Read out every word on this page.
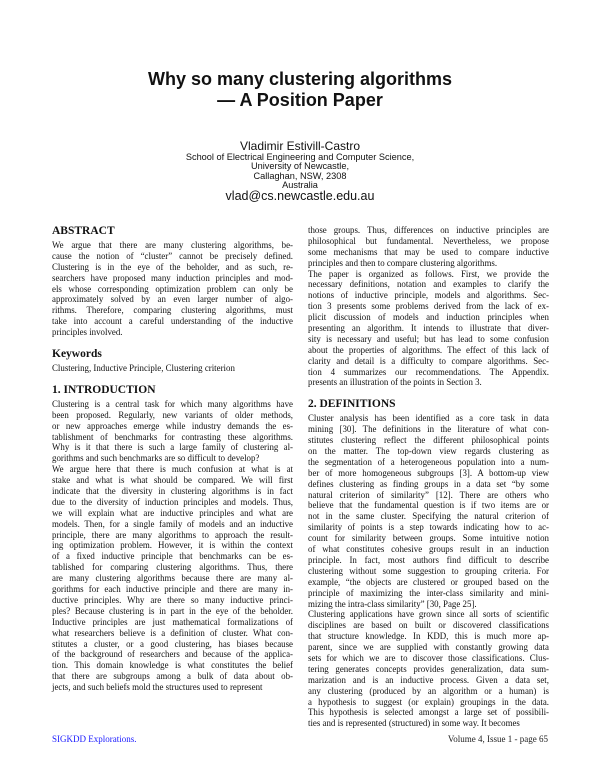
Why so many clustering algorithms
— A Position Paper
Vladimir Estivill-Castro
School of Electrical Engineering and Computer Science,
University of Newcastle,
Callaghan, NSW, 2308
Australia
vlad@cs.newcastle.edu.au
ABSTRACT
We argue that there are many clustering algorithms, be-
cause the notion of “cluster” cannot be precisely defined.
Clustering is in the eye of the beholder, and as such, re-
searchers have proposed many induction principles and mod-
els whose corresponding optimization problem can only be
approximately solved by an even larger number of algo-
rithms. Therefore, comparing clustering algorithms, must
take into account a careful understanding of the inductive
principles involved.
Keywords
Clustering, Inductive Principle, Clustering criterion
1. INTRODUCTION
Clustering is a central task for which many algorithms have
been proposed. Regularly, new variants of older methods,
or new approaches emerge while industry demands the es-
tablishment of benchmarks for contrasting these algorithms.
Why is it that there is such a large family of clustering al-
gorithms and such benchmarks are so difficult to develop?
We argue here that there is much confusion at what is at
stake and what is what should be compared. We will first
indicate that the diversity in clustering algorithms is in fact
due to the diversity of induction principles and models. Thus,
we will explain what are inductive principles and what are
models. Then, for a single family of models and an inductive
principle, there are many algorithms to approach the result-
ing optimization problem. However, it is within the context
of a fixed inductive principle that benchmarks can be es-
tablished for comparing clustering algorithms. Thus, there
are many clustering algorithms because there are many al-
gorithms for each inductive principle and there are many in-
ductive principles. Why are there so many inductive princi-
ples? Because clustering is in part in the eye of the beholder.
Inductive principles are just mathematical formalizations of
what researchers believe is a definition of cluster. What con-
stitutes a cluster, or a good clustering, has biases because
of the background of researchers and because of the applica-
tion. This domain knowledge is what constitutes the belief
that there are subgroups among a bulk of data about ob-
jects, and such beliefs mold the structures used to represent
those groups. Thus, differences on inductive principles are
philosophical but fundamental. Nevertheless, we propose
some mechanisms that may be used to compare inductive
principles and then to compare clustering algorithms.
The paper is organized as follows. First, we provide the
necessary definitions, notation and examples to clarify the
notions of inductive principle, models and algorithms. Sec-
tion 3 presents some problems derived from the lack of ex-
plicit discussion of models and induction principles when
presenting an algorithm. It intends to illustrate that diver-
sity is necessary and useful; but has lead to some confusion
about the properties of algorithms. The effect of this lack of
clarity and detail is a difficulty to compare algorithms. Sec-
tion 4 summarizes our recommendations. The Appendix.
presents an illustration of the points in Section 3.
2. DEFINITIONS
Cluster analysis has been identified as a core task in data
mining [30]. The definitions in the literature of what con-
stitutes clustering reflect the different philosophical points
on the matter. The top-down view regards clustering as
the segmentation of a heterogeneous population into a num-
ber of more homogeneous subgroups [3]. A bottom-up view
defines clustering as finding groups in a data set “by some
natural criterion of similarity” [12]. There are others who
believe that the fundamental question is if two items are or
not in the same cluster. Specifying the natural criterion of
similarity of points is a step towards indicating how to ac-
count for similarity between groups. Some intuitive notion
of what constitutes cohesive groups result in an induction
principle. In fact, most authors find difficult to describe
clustering without some suggestion to grouping criteria. For
example, “the objects are clustered or grouped based on the
principle of maximizing the inter-class similarity and mini-
mizing the intra-class similarity” [30, Page 25].
Clustering applications have grown since all sorts of scientific
disciplines are based on built or discovered classifications
that structure knowledge. In KDD, this is much more ap-
parent, since we are supplied with constantly growing data
sets for which we are to discover those classifications. Clus-
tering generates concepts provides generalization, data sum-
marization and is an inductive process. Given a data set,
any clustering (produced by an algorithm or a human) is
a hypothesis to suggest (or explain) groupings in the data.
This hypothesis is selected amongst a large set of possibili-
ties and is represented (structured) in some way. It becomes
SIGKDD Explorations.	Volume 4, Issue 1 - page 65
